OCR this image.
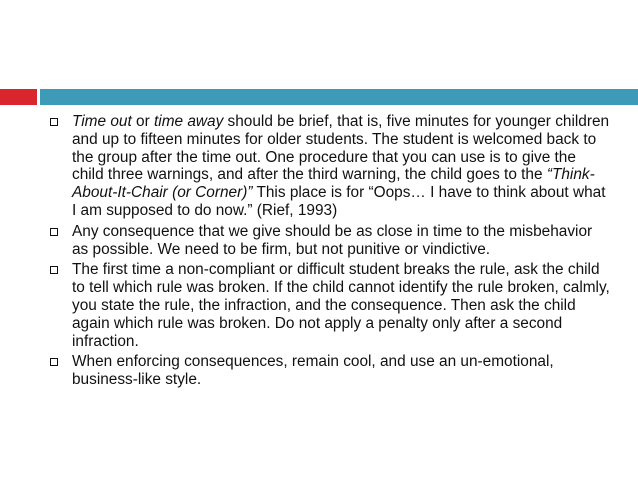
Time out or time away should be brief, that is, five minutes for younger children and up to fifteen minutes for older students. The student is welcomed back to the group after the time out. One procedure that you can use is to give the child three warnings, and after the third warning, the child goes to the “Think-About-It-Chair (or Corner)” This place is for “Oops… I have to think about what I am supposed to do now.” (Rief, 1993)
Any consequence that we give should be as close in time to the misbehavior as possible. We need to be firm, but not punitive or vindictive.
The first time a non-compliant or difficult student breaks the rule, ask the child to tell which rule was broken. If the child cannot identify the rule broken, calmly, you state the rule, the infraction, and the consequence. Then ask the child again which rule was broken. Do not apply a penalty only after a second infraction.
When enforcing consequences, remain cool, and use an un-emotional, business-like style.
